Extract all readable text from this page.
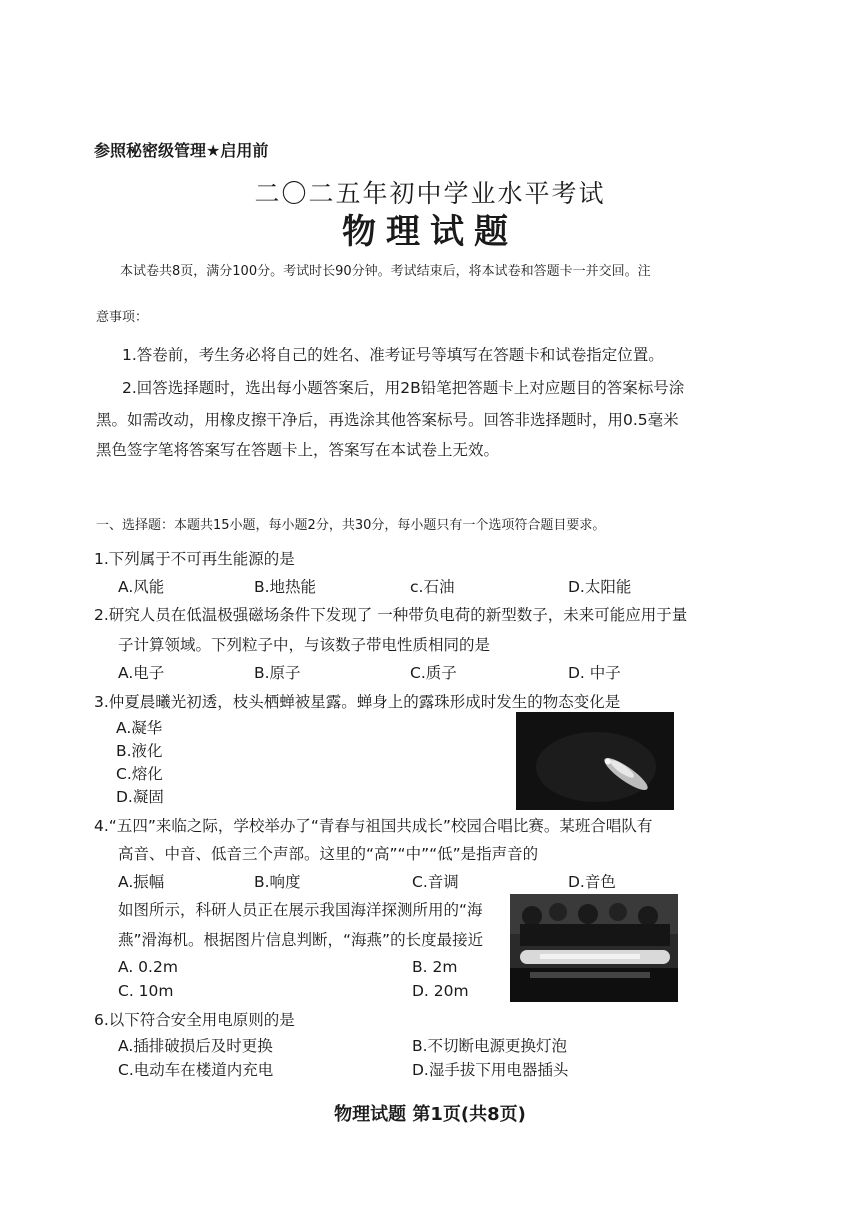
参照秘密级管理★启用前
二〇二五年初中学业水平考试
物理试题
本试卷共8页，满分100分。考试时长90分钟。考试结束后，将本试卷和答题卡一并交回。注
意事项：
1.答卷前，考生务必将自己的姓名、准考证号等填写在答题卡和试卷指定位置。
2.回答选择题时，选出每小题答案后，用2B铅笔把答题卡上对应题目的答案标号涂
黑。如需改动，用橡皮擦干净后，再选涂其他答案标号。回答非选择题时，用0.5毫米
黑色签字笔将答案写在答题卡上，答案写在本试卷上无效。
一、选择题：本题共15小题，每小题2分，共30分，每小题只有一个选项符合题目要求。
1.下列属于不可再生能源的是
A.风能	B.地热能	c.石油	D.太阳能
2.研究人员在低温极强磁场条件下发现了 一种带负电荷的新型数子，未来可能应用于量
子计算领域。下列粒子中，与该数子带电性质相同的是
A.电子	B.原子	C.质子	D. 中子
3.仲夏晨曦光初透，枝头栖蝉被星露。蝉身上的露珠形成时发生的物态变化是
A.凝华
B.液化
C.熔化
D.凝固
4.“五四”来临之际，学校举办了“青春与祖国共成长”校园合唱比赛。某班合唱队有
高音、中音、低音三个声部。这里的“高”“中”“低”是指声音的
A.振幅	B.响度	C.音调	D.音色
如图所示，科研人员正在展示我国海洋探测所用的“海
燕”滑海机。根据图片信息判断，“海燕”的长度最接近
A. 0.2m	B. 2m
C. 10m	D. 20m
6.以下符合安全用电原则的是
A.插排破损后及时更换	B.不切断电源更换灯泡
C.电动车在楼道内充电	D.湿手拔下用电器插头
物理试题 第1页(共8页)
